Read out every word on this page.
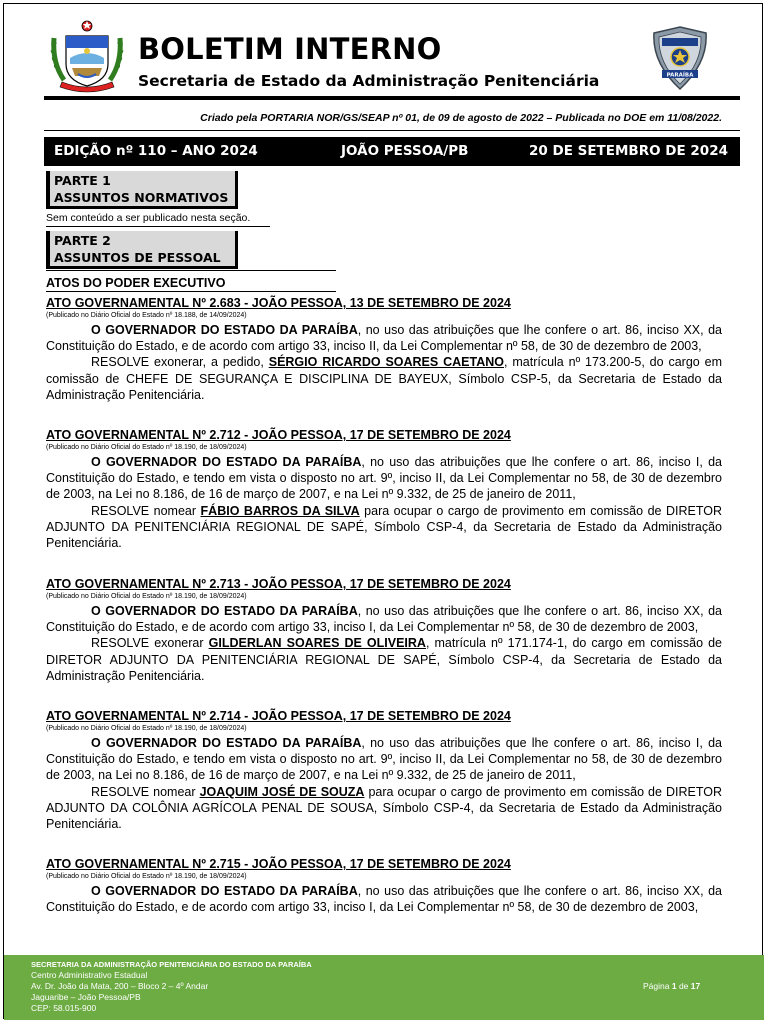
BOLETIM INTERNO
Secretaria de Estado da Administração Penitenciária	PARAÍBA
Criado pela PORTARIA NOR/GS/SEAP nº 01, de 09 de agosto de 2022 – Publicada no DOE em 11/08/2022.
EDIÇÃO nº 110 – ANO 2024	JOÃO PESSOA/PB	20 DE SETEMBRO DE 2024
PARTE 1
ASSUNTOS NORMATIVOS
Sem conteúdo a ser publicado nesta seção.
PARTE 2
ASSUNTOS DE PESSOAL
ATOS DO PODER EXECUTIVO
ATO GOVERNAMENTAL Nº 2.683 - JOÃO PESSOA, 13 DE SETEMBRO DE 2024
(Publicado no Diário Oficial do Estado nº 18.188, de 14/09/2024)

O GOVERNADOR DO ESTADO DA PARAÍBA, no uso das atribuições que lhe confere o art. 86, inciso XX, da Constituição do Estado, e de acordo com artigo 33, inciso II, da Lei Complementar nº 58, de 30 de dezembro de 2003,

RESOLVE exonerar, a pedido, SÉRGIO RICARDO SOARES CAETANO, matrícula nº 173.200-5, do cargo em comissão de CHEFE DE SEGURANÇA E DISCIPLINA DE BAYEUX, Símbolo CSP-5, da Secretaria de Estado da Administração Penitenciária.

ATO GOVERNAMENTAL Nº 2.712 - JOÃO PESSOA, 17 DE SETEMBRO DE 2024
(Publicado no Diário Oficial do Estado nº 18.190, de 18/09/2024)

O GOVERNADOR DO ESTADO DA PARAÍBA, no uso das atribuições que lhe confere o art. 86, inciso I, da Constituição do Estado, e tendo em vista o disposto no art. 9º, inciso II, da Lei Complementar no 58, de 30 de dezembro de 2003, na Lei no 8.186, de 16 de março de 2007, e na Lei nº 9.332, de 25 de janeiro de 2011,

RESOLVE nomear FÁBIO BARROS DA SILVA para ocupar o cargo de provimento em comissão de DIRETOR ADJUNTO DA PENITENCIÁRIA REGIONAL DE SAPÉ, Símbolo CSP-4, da Secretaria de Estado da Administração Penitenciária.

ATO GOVERNAMENTAL Nº 2.713 - JOÃO PESSOA, 17 DE SETEMBRO DE 2024
(Publicado no Diário Oficial do Estado nº 18.190, de 18/09/2024)

O GOVERNADOR DO ESTADO DA PARAÍBA, no uso das atribuições que lhe confere o art. 86, inciso XX, da Constituição do Estado, e de acordo com artigo 33, inciso I, da Lei Complementar nº 58, de 30 de dezembro de 2003,

RESOLVE exonerar GILDERLAN SOARES DE OLIVEIRA, matrícula nº 171.174-1, do cargo em comissão de DIRETOR ADJUNTO DA PENITENCIÁRIA REGIONAL DE SAPÉ, Símbolo CSP-4, da Secretaria de Estado da Administração Penitenciária.

ATO GOVERNAMENTAL Nº 2.714 - JOÃO PESSOA, 17 DE SETEMBRO DE 2024
(Publicado no Diário Oficial do Estado nº 18.190, de 18/09/2024)

O GOVERNADOR DO ESTADO DA PARAÍBA, no uso das atribuições que lhe confere o art. 86, inciso I, da Constituição do Estado, e tendo em vista o disposto no art. 9º, inciso II, da Lei Complementar no 58, de 30 de dezembro de 2003, na Lei no 8.186, de 16 de março de 2007, e na Lei nº 9.332, de 25 de janeiro de 2011,

RESOLVE nomear JOAQUIM JOSÉ DE SOUZA para ocupar o cargo de provimento em comissão de DIRETOR ADJUNTO DA COLÔNIA AGRÍCOLA PENAL DE SOUSA, Símbolo CSP-4, da Secretaria de Estado da Administração Penitenciária.

ATO GOVERNAMENTAL Nº 2.715 - JOÃO PESSOA, 17 DE SETEMBRO DE 2024
(Publicado no Diário Oficial do Estado nº 18.190, de 18/09/2024)

O GOVERNADOR DO ESTADO DA PARAÍBA, no uso das atribuições que lhe confere o art. 86, inciso XX, da Constituição do Estado, e de acordo com artigo 33, inciso I, da Lei Complementar nº 58, de 30 de dezembro de 2003,

SECRETARIA DA ADMINISTRAÇÃO PENITENCIÁRIA DO ESTADO DA PARAÍBA
Centro Administrativo Estadual
Av. Dr. João da Mata, 200 – Bloco 2 – 4º Andar
Jaguaribe – João Pessoa/PB
CEP: 58.015-900
Página 1 de 17
